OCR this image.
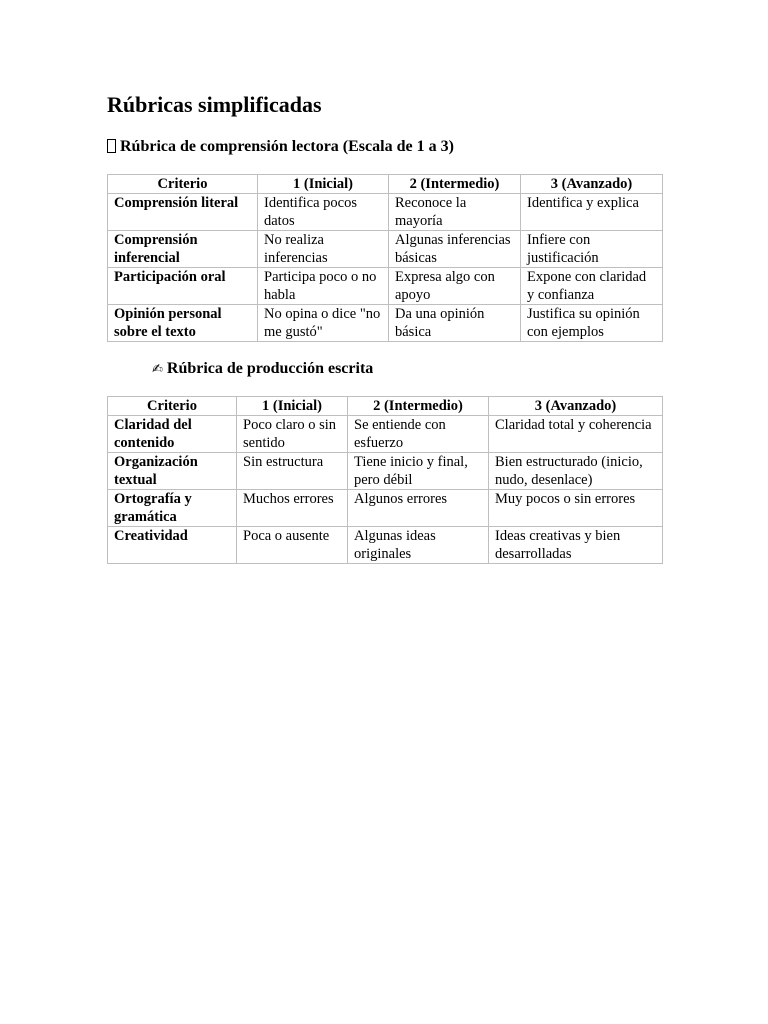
Rúbricas simplificadas
Rúbrica de comprensión lectora (Escala de 1 a 3)
Criterio	1 (Inicial)	2 (Intermedio)	3 (Avanzado)
Comprensión literal	Identifica pocos datos	Reconoce la mayoría	Identifica y explica
Comprensión inferencial	No realiza inferencias	Algunas inferencias básicas	Infiere con justificación
Participación oral	Participa poco o no habla	Expresa algo con apoyo	Expone con claridad y confianza
Opinión personal sobre el texto	No opina o dice "no me gustó"	Da una opinión básica	Justifica su opinión con ejemplos
✍ Rúbrica de producción escrita
Criterio	1 (Inicial)	2 (Intermedio)	3 (Avanzado)
Claridad del contenido	Poco claro o sin sentido	Se entiende con esfuerzo	Claridad total y coherencia
Organización textual	Sin estructura	Tiene inicio y final, pero débil	Bien estructurado (inicio, nudo, desenlace)
Ortografía y gramática	Muchos errores	Algunos errores	Muy pocos o sin errores
Creatividad	Poca o ausente	Algunas ideas originales	Ideas creativas y bien desarrolladas
